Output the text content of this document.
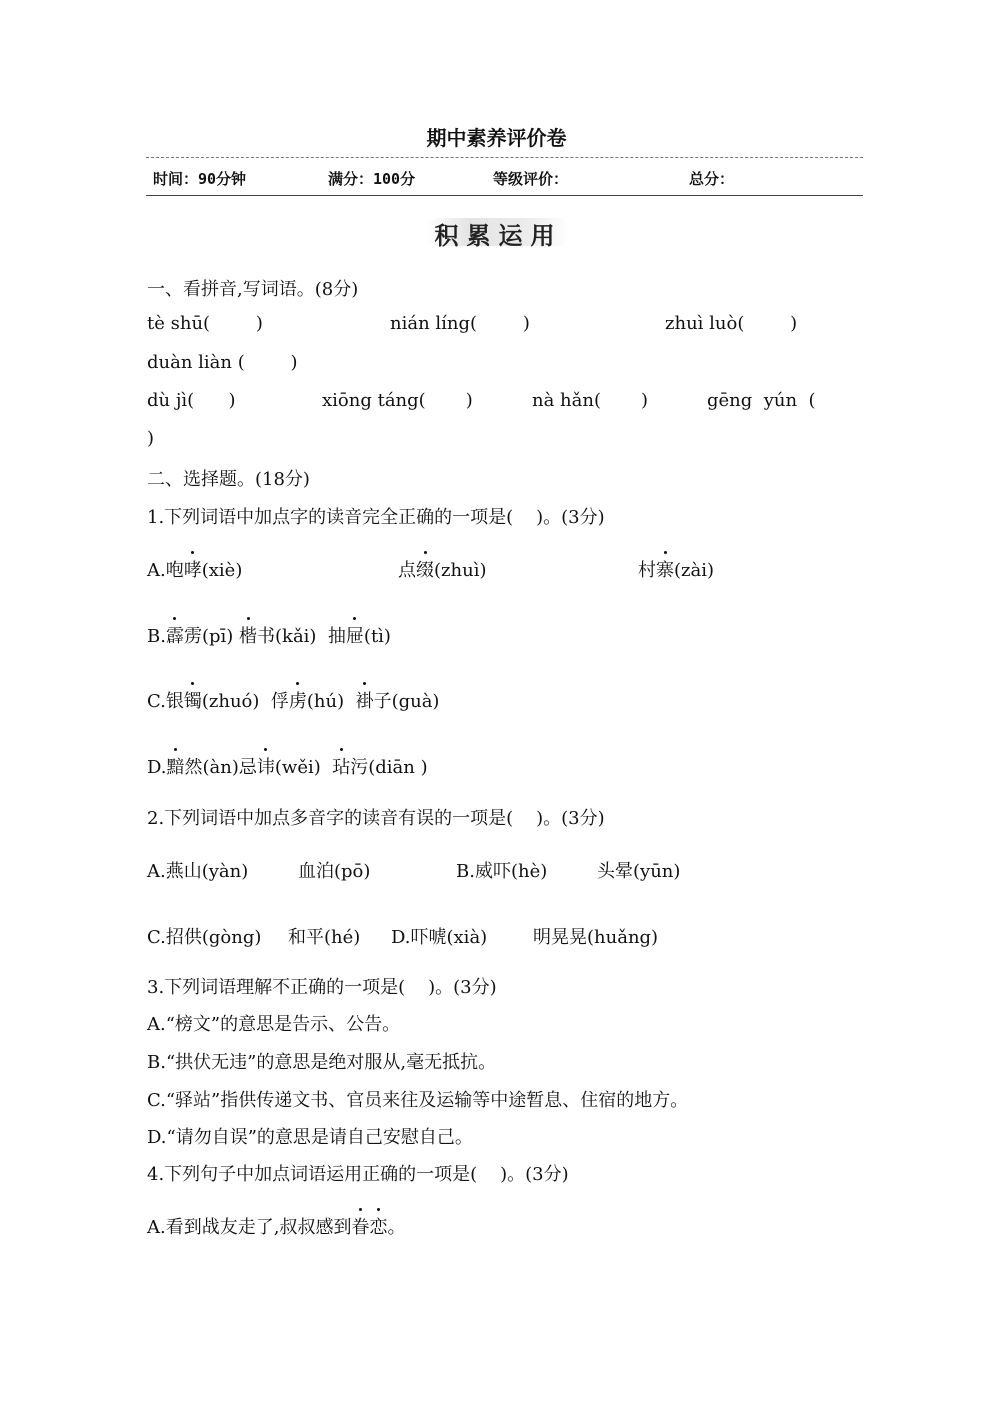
期中素养评价卷
时间：90分钟	满分：100分	等级评价：	总分：

积累运用

一、看拼音,写词语。(8分)
tè shū(        )	nián líng(        )	zhuì luò(        )
duàn liàn (        )
dù jì(      )	xiōng táng(       )	nà hǎn(       )	gēng  yún  (
)
二、选择题。(18分)
1.下列词语中加点字的读音完全正确的一项是(    )。(3分)
A.咆哮(xiè)	点缀(zhuì)	村寨(zài)
B.霹雳(pī) 楷书(kǎi) 抽屉(tì)
C.银镯(zhuó) 俘虏(hú) 褂子(guà)
D.黯然(àn)忌讳(wěi) 玷污(diān )
2.下列词语中加点多音字的读音有误的一项是(    )。(3分)
A.燕山(yàn)	血泊(pō)	B.威吓(hè)	头晕(yūn)
C.招供(gòng) 和平(hé) D.吓唬(xià)	明晃晃(huǎng)
3.下列词语理解不正确的一项是(    )。(3分)
A.“榜文”的意思是告示、公告。
B.“拱伏无违”的意思是绝对服从,毫无抵抗。
C.“驿站”指供传递文书、官员来往及运输等中途暂息、住宿的地方。
D.“请勿自误”的意思是请自己安慰自己。
4.下列句子中加点词语运用正确的一项是(    )。(3分)
A.看到战友走了,叔叔感到眷恋。
